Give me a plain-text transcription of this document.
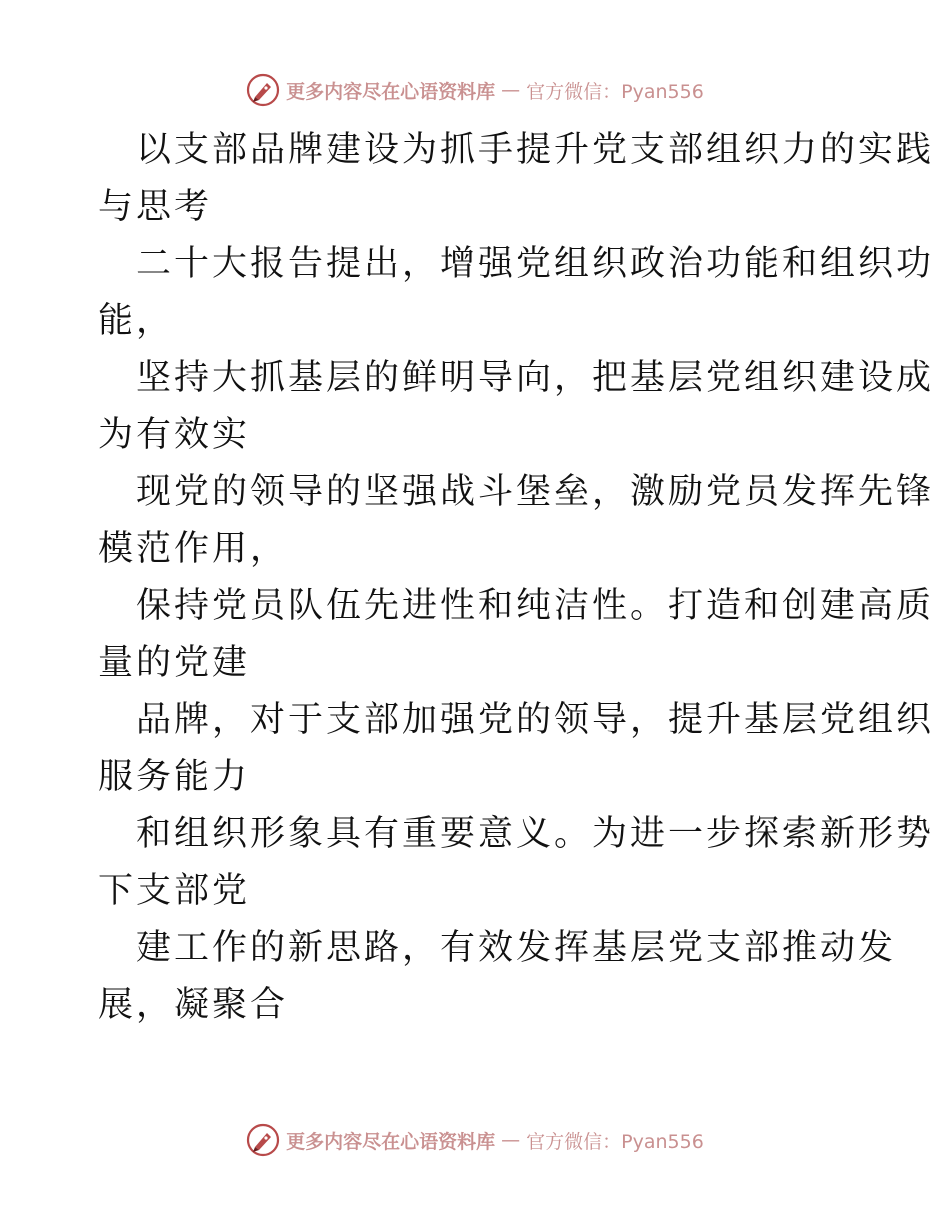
更多内容尽在心语资料库 — 官方微信：Pyan556
以支部品牌建设为抓手提升党支部组织力的实践
与思考
二十大报告提出，增强党组织政治功能和组织功
能，
坚持大抓基层的鲜明导向，把基层党组织建设成
为有效实
现党的领导的坚强战斗堡垒，激励党员发挥先锋
模范作用，
保持党员队伍先进性和纯洁性。打造和创建高质
量的党建
品牌，对于支部加强党的领导，提升基层党组织
服务能力
和组织形象具有重要意义。为进一步探索新形势
下支部党
建工作的新思路，有效发挥基层党支部推动发
展，凝聚合
更多内容尽在心语资料库 — 官方微信：Pyan556
